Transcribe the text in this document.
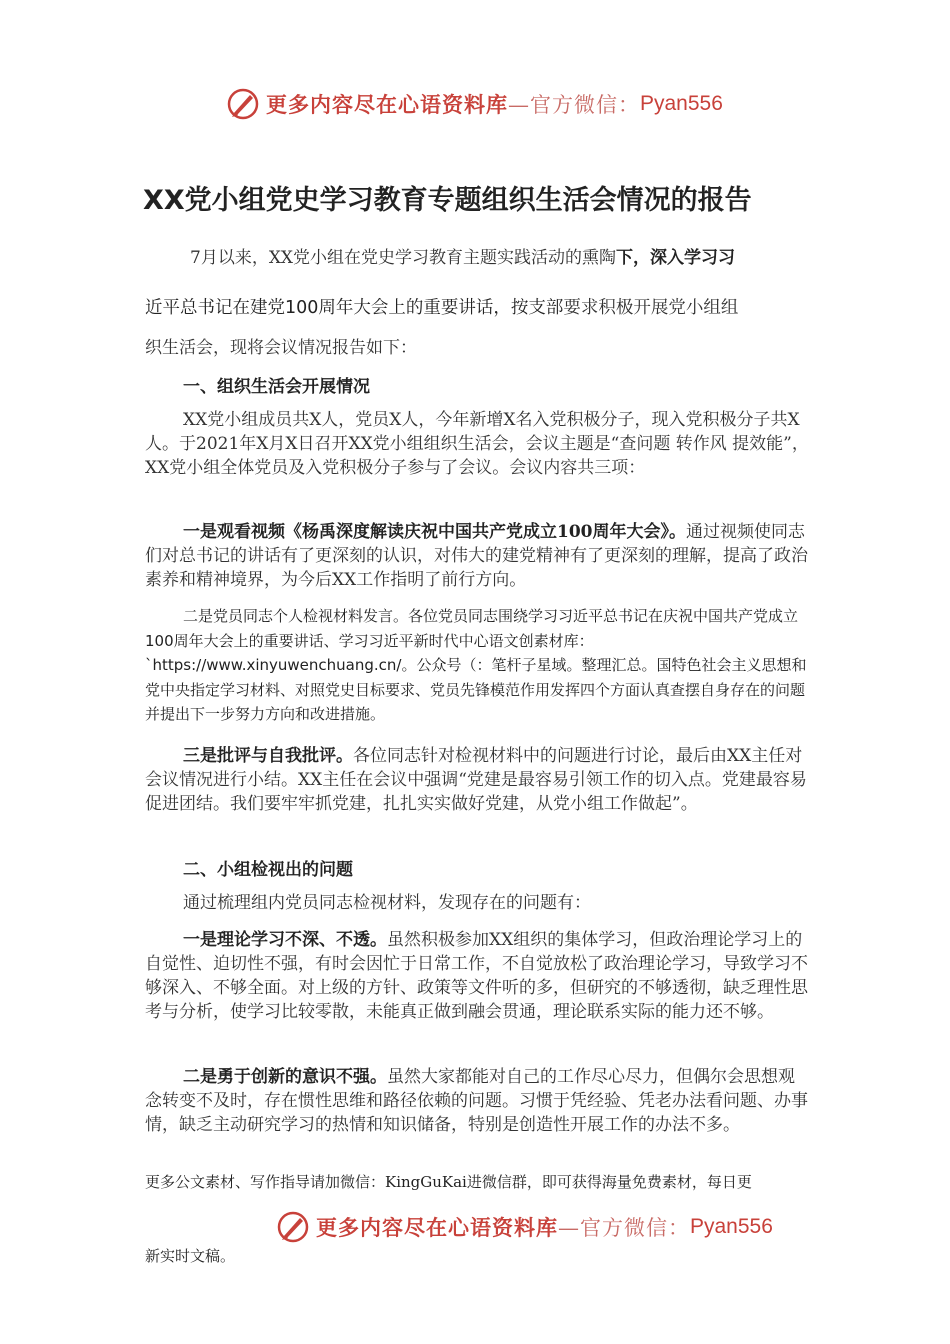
更多内容尽在心语资料库 —官方微信： Pyan556
XX党小组党史学习教育专题组织生活会情况的报告
7月以来，XX党小组在党史学习教育主题实践活动的熏陶下，深入学习习
近平总书记在建党100周年大会上的重要讲话，按支部要求积极开展党小组组
织生活会，现将会议情况报告如下：
一、组织生活会开展情况
XX党小组成员共X人，党员X人，今年新增X名入党积极分子，现入党积极分子共X人。于2021年X月X日召开XX党小组组织生活会，会议主题是“查问题 转作风 提效能”，XX党小组全体党员及入党积极分子参与了会议。会议内容共三项：
一是观看视频《杨禹深度解读庆祝中国共产党成立100周年大会》。通过视频使同志们对总书记的讲话有了更深刻的认识，对伟大的建党精神有了更深刻的理解，提高了政治素养和精神境界，为今后XX工作指明了前行方向。
二是党员同志个人检视材料发言。各位党员同志围绕学习习近平总书记在庆祝中国共产党成立100周年大会上的重要讲话、学习习近平新时代中心语文创素材库：`https://www.xinyuwenchuang.cn/。公众号（：笔杆子星域。整理汇总。国特色社会主义思想和党中央指定学习材料、对照党史目标要求、党员先锋模范作用发挥四个方面认真查摆自身存在的问题并提出下一步努力方向和改进措施。
三是批评与自我批评。各位同志针对检视材料中的问题进行讨论，最后由XX主任对会议情况进行小结。XX主任在会议中强调“党建是最容易引领工作的切入点。党建最容易促进团结。我们要牢牢抓党建，扎扎实实做好党建，从党小组工作做起”。
二、小组检视出的问题
通过梳理组内党员同志检视材料，发现存在的问题有：
一是理论学习不深、不透。虽然积极参加XX组织的集体学习，但政治理论学习上的自觉性、迫切性不强，有时会因忙于日常工作，不自觉放松了政治理论学习，导致学习不够深入、不够全面。对上级的方针、政策等文件听的多，但研究的不够透彻，缺乏理性思考与分析，使学习比较零散，未能真正做到融会贯通，理论联系实际的能力还不够。
二是勇于创新的意识不强。虽然大家都能对自己的工作尽心尽力，但偶尔会思想观念转变不及时，存在惯性思维和路径依赖的问题。习惯于凭经验、凭老办法看问题、办事情，缺乏主动研究学习的热情和知识储备，特别是创造性开展工作的办法不多。
更多公文素材、写作指导请加微信：KingGuKai进微信群，即可获得海量免费素材，每日更
更多内容尽在心语资料库 —官方微信： Pyan556
新实时文稿。
